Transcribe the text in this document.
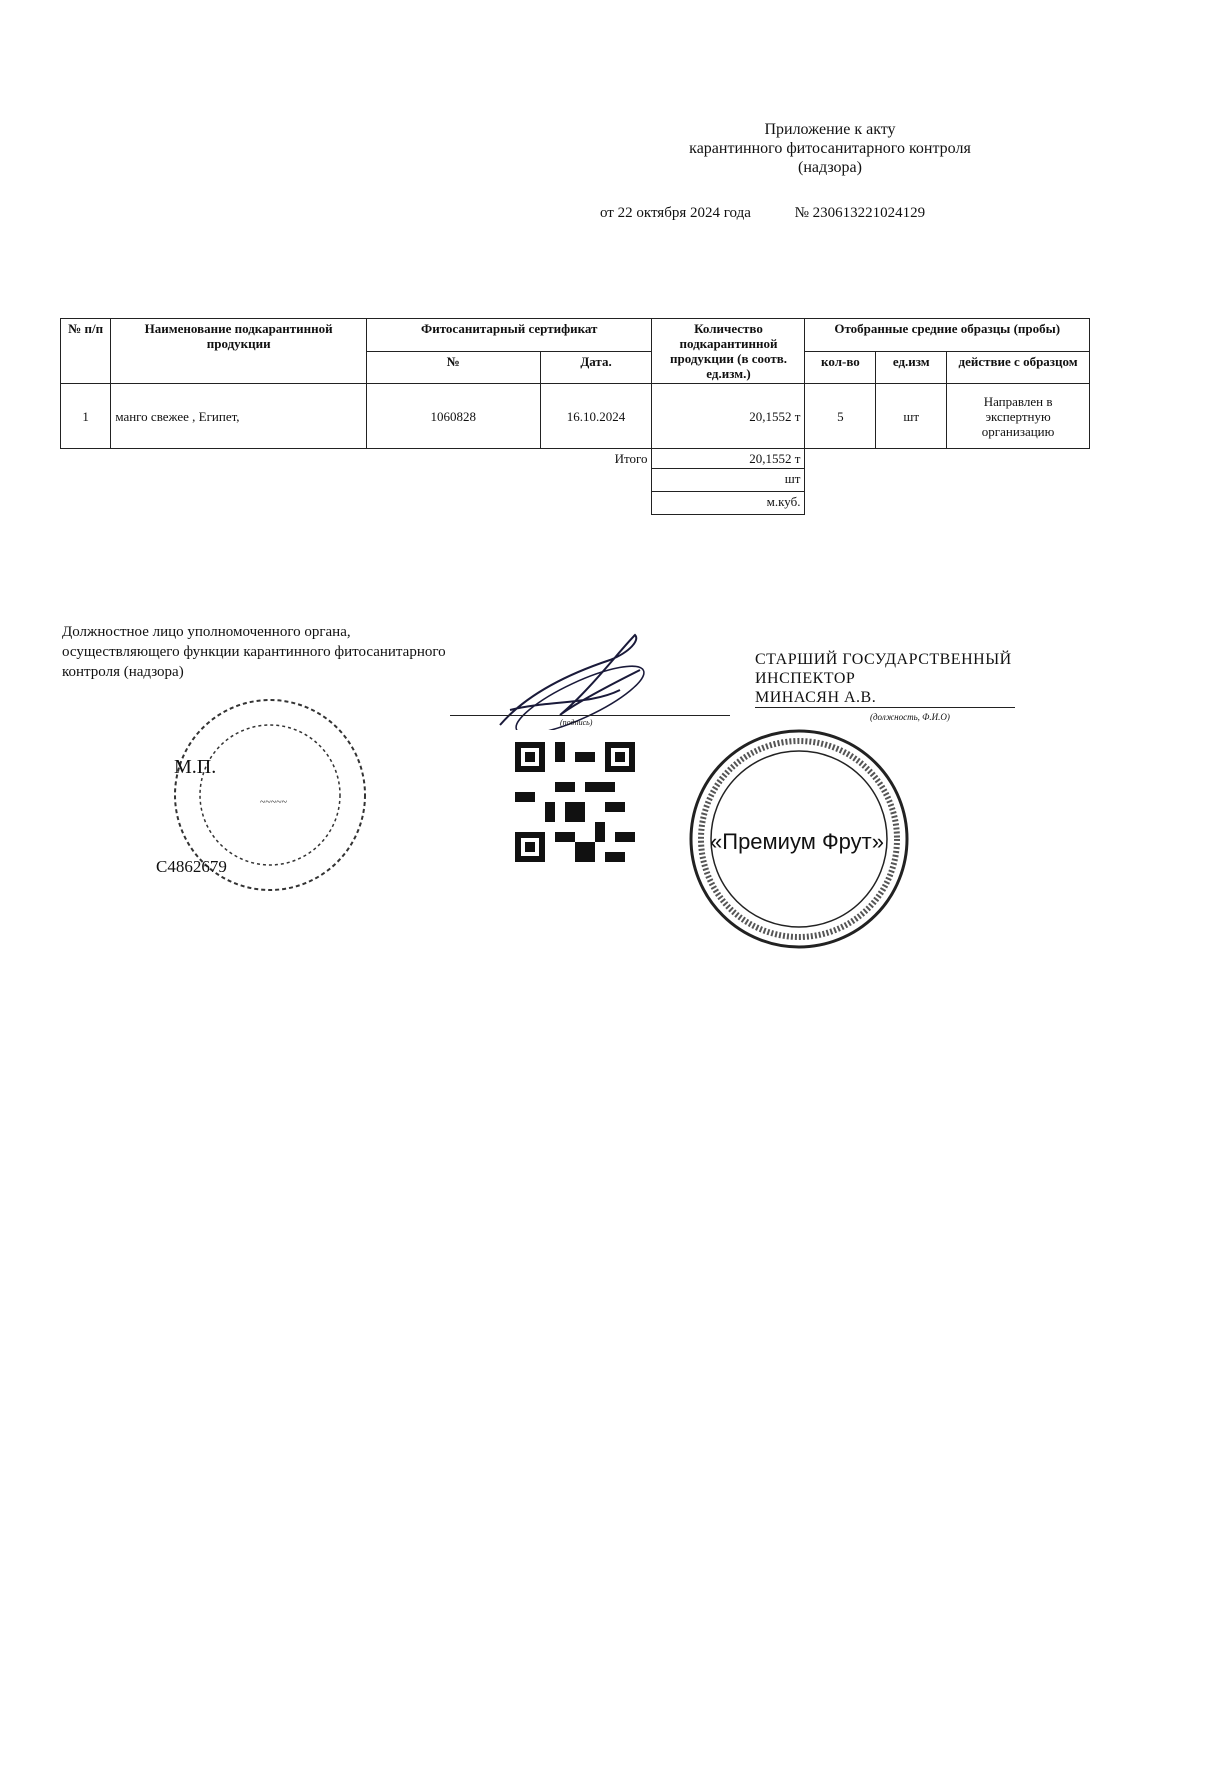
Приложение к акту
карантинного фитосанитарного контроля
(надзора)
от 22 октября 2024 года	№ 230613221024129
№ п/п	Наименование подкарантинной продукции	Фитосанитарный сертификат		Количество подкарантинной продукции (в соотв. ед.изм.)	Отобранные средние образцы (пробы)		
		№	Дата.		кол-во	ед.изм	действие с образцом
1	манго свежее , Египет,	1060828	16.10.2024	20,1552 т	5	шт	Направлен в экспертную организацию
			Итого	20,1552 т			
				шт			
				м.куб.			
Должностное лицо уполномоченного органа, осуществляющего функции карантинного фитосанитарного контроля (надзора)
(подпись)
СТАРШИЙ ГОСУДАРСТВЕННЫЙ
ИНСПЕКТОР
МИНАСЯН А.В.
(должность, Ф.И.О)
~~~~~
М.П.
C4862679
«Премиум Фрут»
